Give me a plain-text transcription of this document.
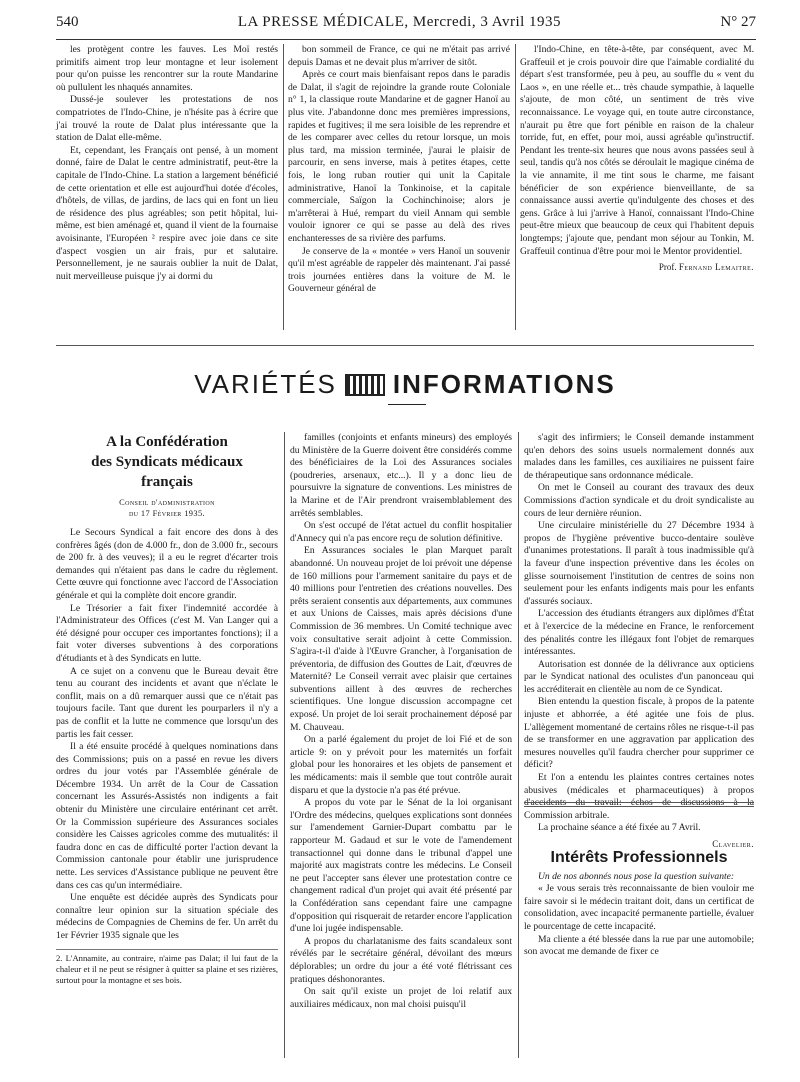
540	LA PRESSE MÉDICALE, Mercredi, 3 Avril 1935	N° 27

les protègent contre les fauves. Les Moï restés primitifs aiment trop leur montagne et leur isolement pour qu'on puisse les rencontrer sur la route Mandarine où pullulent les nhaqués annamites.

Dussé-je soulever les protestations de nos compatriotes de l'Indo-Chine, je n'hésite pas à écrire que j'ai trouvé la route de Dalat plus intéressante que la station de Dalat elle-même.

Et, cependant, les Français ont pensé, à un moment donné, faire de Dalat le centre administratif, peut-être la capitale de l'Indo-Chine. La station a largement bénéficié de cette orientation et elle est aujourd'hui dotée d'écoles, d'hôtels, de villas, de jardins, de lacs qui en font un lieu de résidence des plus agréables; son petit hôpital, lui-même, est bien aménagé et, quand il vient de la fournaise avoisinante, l'Européen ² respire avec joie dans ce site d'aspect vosgien un air frais, pur et salutaire. Personnellement, je ne saurais oublier la nuit de Dalat, nuit merveilleuse puisque j'y ai dormi du

bon sommeil de France, ce qui ne m'était pas arrivé depuis Damas et ne devait plus m'arriver de sitôt.

Après ce court mais bienfaisant repos dans le paradis de Dalat, il s'agit de rejoindre la grande route Coloniale n° 1, la classique route Mandarine et de gagner Hanoï au plus vite. J'abandonne donc mes premières impressions, rapides et fugitives; il me sera loisible de les reprendre et de les comparer avec celles du retour lorsque, un mois plus tard, ma mission terminée, j'aurai le plaisir de parcourir, en sens inverse, mais à petites étapes, cette fois, le long ruban routier qui unit la Capitale administrative, Hanoï la Tonkinoise, et la capitale commerciale, Saïgon la Cochinchinoise; alors je m'arrêterai à Hué, rempart du vieil Annam qui semble vouloir ignorer ce qui se passe au delà des rives enchanteresses de sa rivière des parfums.

Je conserve de la « montée » vers Hanoï un souvenir qu'il m'est agréable de rappeler dès maintenant. J'ai passé trois journées entières dans la voiture de M. le Gouverneur général de

l'Indo-Chine, en tête-à-tête, par conséquent, avec M. Graffeuil et je crois pouvoir dire que l'aimable cordialité du départ s'est transformée, peu à peu, au souffle du « vent du Laos », en une réelle et... très chaude sympathie, à laquelle s'ajoute, de mon côté, un sentiment de très vive reconnaissance. Le voyage qui, en toute autre circonstance, n'aurait pu être que fort pénible en raison de la chaleur torride, fut, en effet, pour moi, aussi agréable qu'instructif. Pendant les trente-six heures que nous avons passées seul à seul, tandis qu'à nos côtés se déroulait le magique cinéma de la vie annamite, il me tint sous le charme, me faisant bénéficier de son expérience bienveillante, de sa connaissance aussi avertie qu'indulgente des choses et des gens. Grâce à lui j'arrive à Hanoï, connaissant l'Indo-Chine peut-être mieux que beaucoup de ceux qui l'habitent depuis longtemps; j'ajoute que, pendant mon séjour au Tonkin, M. Graffeuil continua d'être pour moi le Mentor providentiel.

Prof. Fernand Lemaitre.
VARIÉTÉS INFORMATIONS
A la Confédération
des Syndicats médicaux
français
Conseil d'administration
du 17 Février 1935.

Le Secours Syndical a fait encore des dons à des confrères âgés (don de 4.000 fr., don de 3.000 fr., secours de 200 fr. à des veuves); il a eu le regret d'écarter trois demandes qui n'étaient pas dans le cadre du règlement. Cette œuvre qui fonctionne avec l'accord de l'Association générale et qui la complète doit encore grandir.

Le Trésorier a fait fixer l'indemnité accordée à l'Administrateur des Offices (c'est M. Van Langer qui a été désigné pour occuper ces importantes fonctions); il a fait voter diverses subventions à des corporations d'étudiants et à des Syndicats en lutte.

A ce sujet on a convenu que le Bureau devait être tenu au courant des incidents et avant que n'éclate le conflit, mais on a dû remarquer aussi que ce n'était pas toujours facile. Tant que durent les pourparlers il n'y a pas de conflit et la lutte ne commence que lorsqu'un des partis les fait cesser.

Il a été ensuite procédé à quelques nominations dans des Commissions; puis on a passé en revue les divers ordres du jour votés par l'Assemblée générale de Décembre 1934. Un arrêt de la Cour de Cassation concernant les Assurés-Assistés non indigents a fait obtenir du Ministère une circulaire entérinant cet arrêt. Or la Commission supérieure des Assurances sociales considère les Caisses agricoles comme des mutualités: il faudra donc en cas de difficulté porter l'action devant la Commission cantonale pour établir une jurisprudence nette. Les services d'Assistance publique ne peuvent être dans ces cas qu'un intermédiaire.

Une enquête est décidée auprès des Syndicats pour connaître leur opinion sur la situation spéciale des médecins de Compagnies de Chemins de fer. Un arrêt du 1er Février 1935 signale que les

2. L'Annamite, au contraire, n'aime pas Dalat; il lui faut de la chaleur et il ne peut se résigner à quitter sa plaine et ses rizières, surtout pour la montagne et ses bois.

familles (conjoints et enfants mineurs) des employés du Ministère de la Guerre doivent être considérés comme des bénéficiaires de la Loi des Assurances sociales (poudreries, arsenaux, etc...). Il y a donc lieu de poursuivre la signature de conventions. Les ministres de la Marine et de l'Air prendront vraisemblablement des arrêtés semblables.

On s'est occupé de l'état actuel du conflit hospitalier d'Annecy qui n'a pas encore reçu de solution définitive.

En Assurances sociales le plan Marquet paraît abandonné. Un nouveau projet de loi prévoit une dépense de 160 millions pour l'armement sanitaire du pays et de 40 millions pour l'entretien des créations nouvelles. Des prêts seraient consentis aux départements, aux communes et aux Unions de Caisses, mais après décisions d'une Commission de 36 membres. Un Comité technique avec voix consultative serait adjoint à cette Commission. S'agira-t-il d'aide à l'Œuvre Grancher, à l'organisation de préventoria, de diffusion des Gouttes de Lait, d'œuvres de Maternité? Le Conseil verrait avec plaisir que certaines subventions aillent à des œuvres de recherches scientifiques. Une longue discussion accompagne cet exposé. Un projet de loi serait prochainement déposé par M. Chauveau.

On a parlé également du projet de loi Fié et de son article 9: on y prévoit pour les maternités un forfait global pour les honoraires et les objets de pansement et les médicaments: mais il semble que tout contrôle aurait disparu et que la dystocie n'a pas été prévue.

A propos du vote par le Sénat de la loi organisant l'Ordre des médecins, quelques explications sont données sur l'amendement Garnier-Dupart combattu par le rapporteur M. Gadaud et sur le vote de l'amendement transactionnel qui donne dans le tribunal d'appel une majorité aux magistrats contre les médecins. Le Conseil ne peut l'accepter sans élever une protestation contre ce changement radical d'un projet qui avait été présenté par la Confédération sans cependant faire une campagne d'opposition qui risquerait de retarder encore l'application d'une loi jugée indispensable.

A propos du charlatanisme des faits scandaleux sont révélés par le secrétaire général, dévoilant des mœurs déplorables; un ordre du jour a été voté flétrissant ces pratiques déshonorantes.

On sait qu'il existe un projet de loi relatif aux auxiliaires médicaux, non mal choisi puisqu'il

s'agit des infirmiers; le Conseil demande instamment qu'en dehors des soins usuels normalement donnés aux malades dans les familles, ces auxiliaires ne puissent faire de thérapeutique sans ordonnance médicale.

On met le Conseil au courant des travaux des deux Commissions d'action syndicale et du droit syndicaliste au cours de leur dernière réunion.

Une circulaire ministérielle du 27 Décembre 1934 à propos de l'hygiène préventive bucco-dentaire soulève d'unanimes protestations. Il paraît à tous inadmissible qu'à la faveur d'une inspection préventive dans les écoles on glisse sournoisement l'institution de centres de soins non seulement pour les enfants indigents mais pour les enfants d'assurés sociaux.

L'accession des étudiants étrangers aux diplômes d'État et à l'exercice de la médecine en France, le renforcement des pénalités contre les illégaux font l'objet de remarques intéressantes.

Autorisation est donnée de la délivrance aux opticiens par le Syndicat national des oculistes d'un panonceau qui les accréditerait en clientèle au nom de ce Syndicat.

Bien entendu la question fiscale, à propos de la patente injuste et abhorrée, a été agitée une fois de plus. L'allègement momentané de certains rôles ne risque-t-il pas de se transformer en une aggravation par application des mesures nouvelles qu'il faudra chercher pour supprimer ce déficit?

Et l'on a entendu les plaintes contres certaines notes abusives (médicales et pharmaceutiques) à propos d'accidents du travail: échos de discussions à la Commission arbitrale.

La prochaine séance a été fixée au 7 Avril.

Clavelier.
Intérêts Professionnels

Un de nos abonnés nous pose la question suivante:

« Je vous serais très reconnaissante de bien vouloir me faire savoir si le médecin traitant doit, dans un certificat de consolidation, avec incapacité permanente partielle, évaluer le pourcentage de cette incapacité.

Ma cliente a été blessée dans la rue par une automobile; son avocat me demande de fixer ce
